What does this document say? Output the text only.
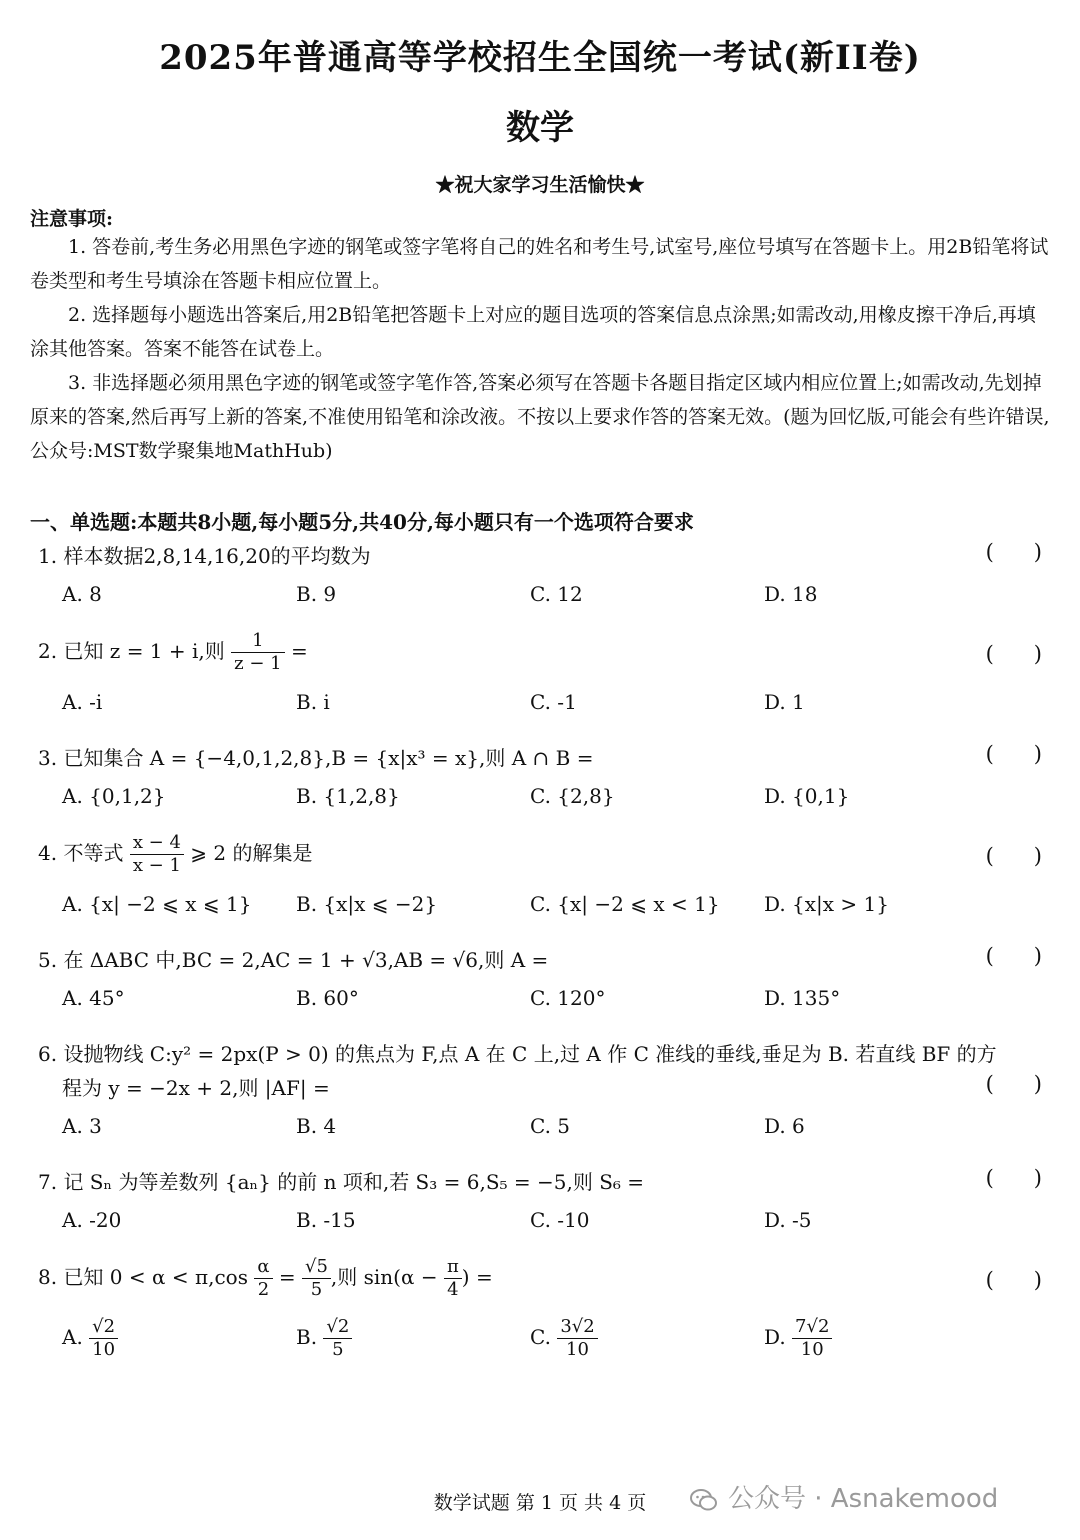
2025年普通高等学校招生全国统一考试(新II卷)
数学
★祝大家学习生活愉快★
注意事项:
1. 答卷前,考生务必用黑色字迹的钢笔或签字笔将自己的姓名和考生号,试室号,座位号填写在答题卡上。用2B铅笔将试卷类型和考生号填涂在答题卡相应位置上。
2. 选择题每小题选出答案后,用2B铅笔把答题卡上对应的题目选项的答案信息点涂黑;如需改动,用橡皮擦干净后,再填涂其他答案。答案不能答在试卷上。
3. 非选择题必须用黑色字迹的钢笔或签字笔作答,答案必须写在答题卡各题目指定区域内相应位置上;如需改动,先划掉原来的答案,然后再写上新的答案,不准使用铅笔和涂改液。不按以上要求作答的答案无效。(题为回忆版,可能会有些许错误,公众号:MST数学聚集地MathHub)
一、单选题:本题共8小题,每小题5分,共40分,每小题只有一个选项符合要求
1. 样本数据2,8,14,16,20的平均数为	(      )
A. 8	B. 9	C. 12	D. 18
2. 已知 z = 1 + i,则 $\frac{1}{z - 1}$ =	(      )
A. -i	B. i	C. -1	D. 1
3. 已知集合 A = {−4,0,1,2,8},B = {x|x³ = x},则 A ∩ B =	(      )
A. {0,1,2}	B. {1,2,8}	C. {2,8}	D. {0,1}
4. 不等式 $\frac{x - 4}{x - 1}$ ⩾ 2 的解集是	(      )
A. {x| −2 ⩽ x ⩽ 1} B. {x|x ⩽ −2}	C. {x| −2 ⩽ x < 1} D. {x|x > 1}
5. 在 ΔABC 中,BC = 2,AC = 1 + √3,AB = √6,则 A =	(      )
A. 45°	B. 60°	C. 120°	D. 135°
6. 设抛物线 C:y² = 2px(P > 0) 的焦点为 F,点 A 在 C 上,过 A 作 C 准线的垂线,垂足为 B. 若直线 BF 的方
程为 y = −2x + 2,则 |AF| =	(      )
A. 3	B. 4	C. 5	D. 6
7. 记 Sₙ 为等差数列 {aₙ} 的前 n 项和,若 S₃ = 6,S₅ = −5,则 S₆ =	(      )
A. -20	B. -15	C. -10	D. -5
8. 已知 $0 < \alpha < \pi,\cos \frac{\alpha}{2} = \frac{√5}{5}$ ,则 $\sin(\alpha - \frac{\pi}{4}$ ) =	(      )
A. $\frac{√2}{10}$	B. $\frac{√2}{5}$	C. $\frac{3√2}{10}$	D. $\frac{7√2}{10}$
数学试题 第 1 页 共 4 页	公众号 · Asnakemood
